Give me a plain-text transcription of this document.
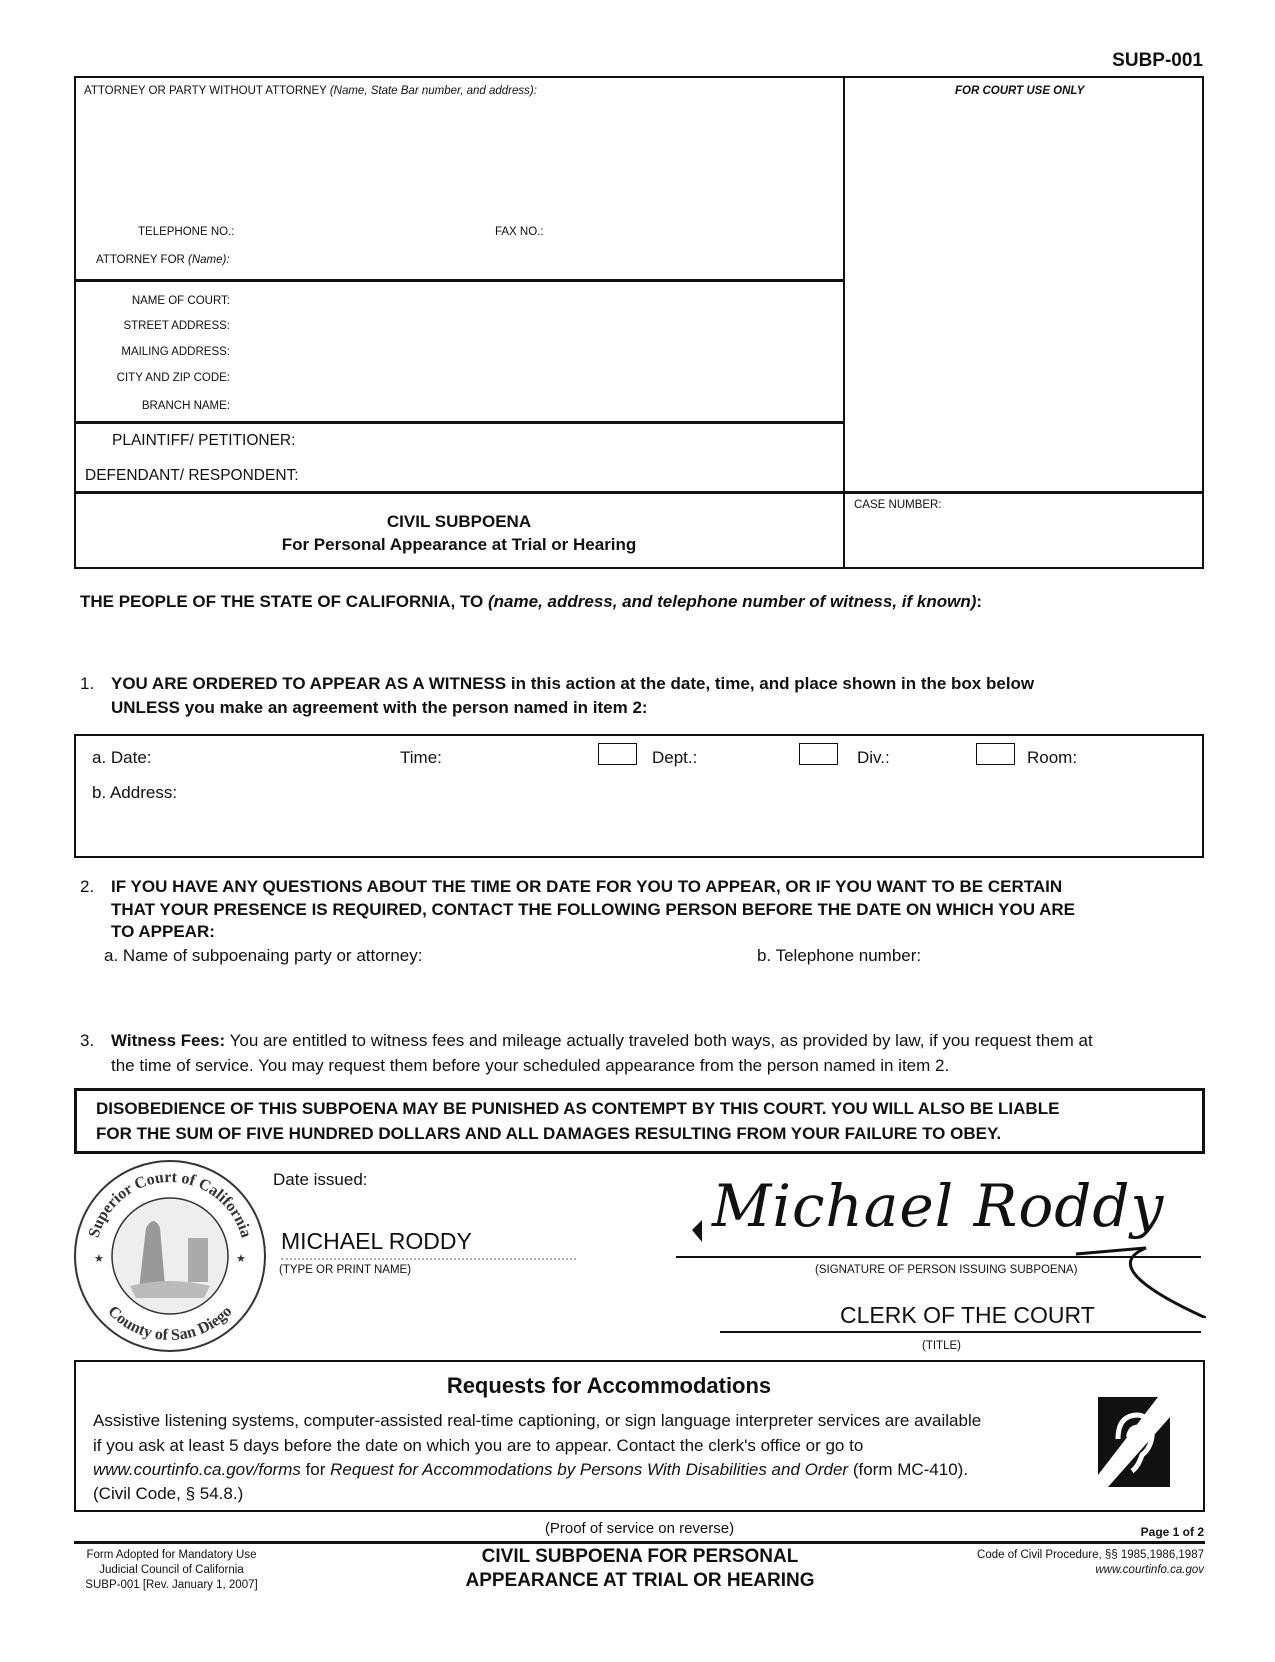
SUBP-001
ATTORNEY OR PARTY WITHOUT ATTORNEY (Name, State Bar number, and address):	FOR COURT USE ONLY
TELEPHONE NO.:	FAX NO.:
ATTORNEY FOR (Name):
NAME OF COURT:
STREET ADDRESS:
MAILING ADDRESS:
CITY AND ZIP CODE:
BRANCH NAME:
PLAINTIFF/ PETITIONER:
DEFENDANT/ RESPONDENT:
CIVIL SUBPOENA
For Personal Appearance at Trial or Hearing
CASE NUMBER:
THE PEOPLE OF THE STATE OF CALIFORNIA, TO (name, address, and telephone number of witness, if known):
1. YOU ARE ORDERED TO APPEAR AS A WITNESS in this action at the date, time, and place shown in the box below
UNLESS you make an agreement with the person named in item 2:
a. Date:	Time:	Dept.:	Div.:	Room:
b. Address:
2. IF YOU HAVE ANY QUESTIONS ABOUT THE TIME OR DATE FOR YOU TO APPEAR, OR IF YOU WANT TO BE CERTAIN
THAT YOUR PRESENCE IS REQUIRED, CONTACT THE FOLLOWING PERSON BEFORE THE DATE ON WHICH YOU ARE
TO APPEAR:
a. Name of subpoenaing party or attorney:	b. Telephone number:
3. Witness Fees: You are entitled to witness fees and mileage actually traveled both ways, as provided by law, if you request them at
the time of service. You may request them before your scheduled appearance from the person named in item 2.
DISOBEDIENCE OF THIS SUBPOENA MAY BE PUNISHED AS CONTEMPT BY THIS COURT. YOU WILL ALSO BE LIABLE
FOR THE SUM OF FIVE HUNDRED DOLLARS AND ALL DAMAGES RESULTING FROM YOUR FAILURE TO OBEY.
★	★
Superior Court of California
County of San Diego
Date issued:
MICHAEL RODDY
(TYPE OR PRINT NAME)
Michael Roddy
(SIGNATURE OF PERSON ISSUING SUBPOENA)
CLERK OF THE COURT
(TITLE)
Requests for Accommodations
Assistive listening systems, computer-assisted real-time captioning, or sign language interpreter services are available
if you ask at least 5 days before the date on which you are to appear. Contact the clerk's office or go to
www.courtinfo.ca.gov/forms for Request for Accommodations by Persons With Disabilities and Order (form MC-410).
(Civil Code, § 54.8.)
(Proof of service on reverse)	Page 1 of 2
Form Adopted for Mandatory Use
Judicial Council of California
SUBP-001 [Rev. January 1, 2007]
CIVIL SUBPOENA FOR PERSONAL
APPEARANCE AT TRIAL OR HEARING
Code of Civil Procedure, §§ 1985,1986,1987
www.courtinfo.ca.gov
